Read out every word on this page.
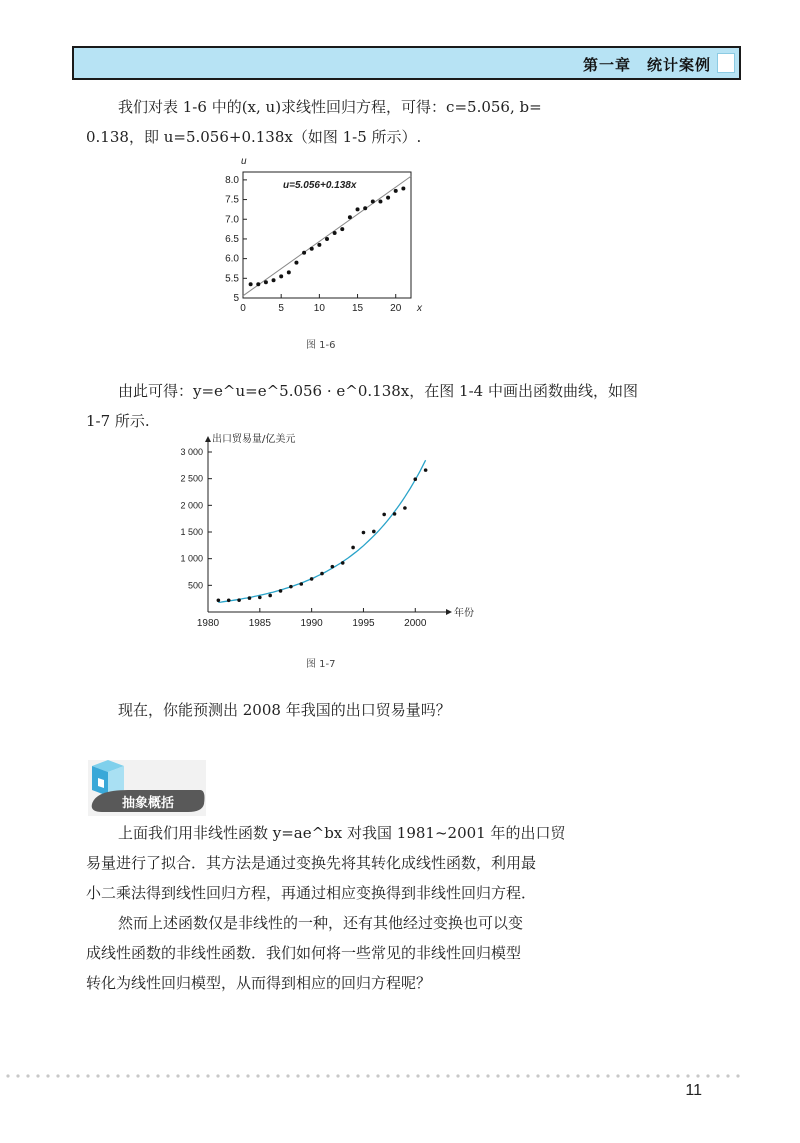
第一章　统计案例
我们对表 1-6 中的(x, u)求线性回归方程，可得：c=5.056, b=
0.138，即 u=5.056+0.138x（如图 1-5 所示）.
0	5	10	15	20
5
5.5
6.0
6.5
7.0
7.5
8.0
x
u
u=5.056+0.138x
图 1-6
由此可得：y=e^u=e^5.056 · e^0.138x，在图 1-4 中画出函数曲线，如图
1-7 所示.
1980	1985	1990	1995	2000
500
1 000
1 500
2 000
2 500
3 000
年份
出口贸易量/亿美元
图 1-7
现在，你能预测出 2008 年我国的出口贸易量吗？
抽象概括
上面我们用非线性函数 y=ae^bx 对我国 1981~2001 年的出口贸
易量进行了拟合．其方法是通过变换先将其转化成线性函数，利用最
小二乘法得到线性回归方程，再通过相应变换得到非线性回归方程．
然而上述函数仅是非线性的一种，还有其他经过变换也可以变
成线性函数的非线性函数．我们如何将一些常见的非线性回归模型
转化为线性回归模型，从而得到相应的回归方程呢？
11
